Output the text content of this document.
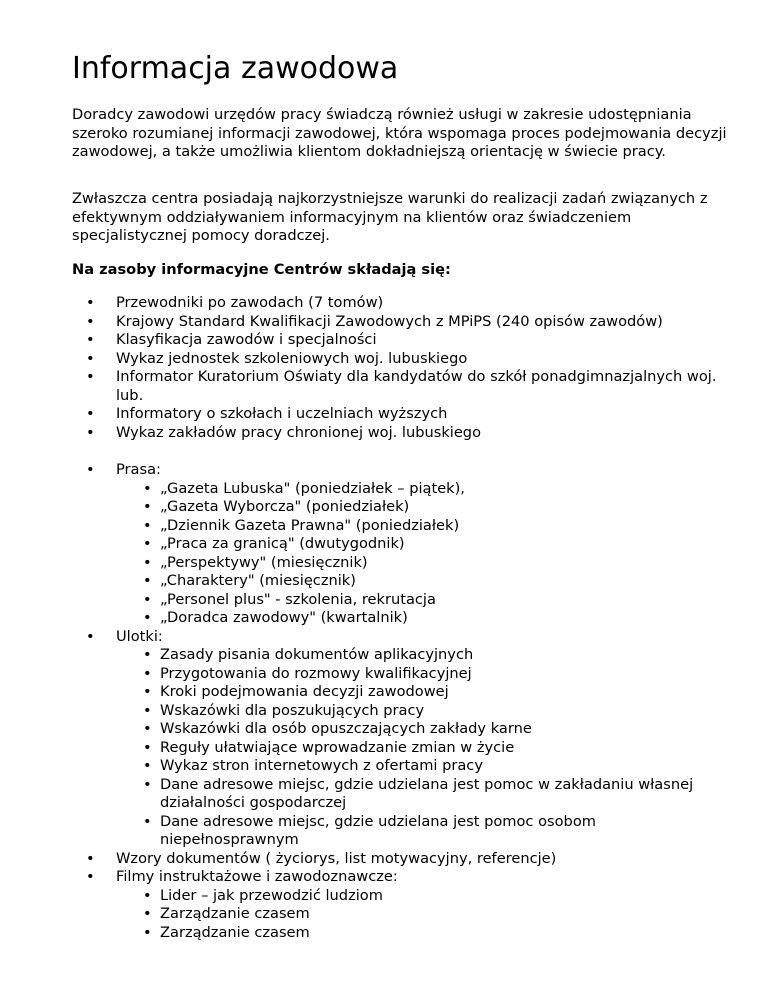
Informacja zawodowa

Doradcy zawodowi urzędów pracy świadczą również usługi w zakresie udostępniania szeroko rozumianej informacji zawodowej, która wspomaga proces podejmowania decyzji zawodowej, a także umożliwia klientom dokładniejszą orientację w świecie pracy.

Zwłaszcza centra posiadają najkorzystniejsze warunki do realizacji zadań związanych z efektywnym oddziaływaniem informacyjnym na klientów oraz świadczeniem specjalistycznej pomocy doradczej.

Na zasoby informacyjne Centrów składają się:

• Przewodniki po zawodach (7 tomów)
• Krajowy Standard Kwalifikacji Zawodowych z MPiPS (240 opisów zawodów)
• Klasyfikacja zawodów i specjalności
• Wykaz jednostek szkoleniowych woj. lubuskiego
• Informator Kuratorium Oświaty dla kandydatów do szkół ponadgimnazjalnych woj. lub.
• Informatory o szkołach i uczelniach wyższych
• Wykaz zakładów pracy chronionej woj. lubuskiego
• Prasa:
• „Gazeta Lubuska" (poniedziałek – piątek),
• „Gazeta Wyborcza" (poniedziałek)
• „Dziennik Gazeta Prawna" (poniedziałek)
• „Praca za granicą" (dwutygodnik)
• „Perspektywy" (miesięcznik)
• „Charaktery" (miesięcznik)
• „Personel plus" - szkolenia, rekrutacja
• „Doradca zawodowy" (kwartalnik)
• Ulotki:
• Zasady pisania dokumentów aplikacyjnych
• Przygotowania do rozmowy kwalifikacyjnej
• Kroki podejmowania decyzji zawodowej
• Wskazówki dla poszukujących pracy
• Wskazówki dla osób opuszczających zakłady karne
• Reguły ułatwiające wprowadzanie zmian w życie
• Wykaz stron internetowych z ofertami pracy
• Dane adresowe miejsc, gdzie udzielana jest pomoc w zakładaniu własnej działalności gospodarczej
• Dane adresowe miejsc, gdzie udzielana jest pomoc osobom niepełnosprawnym
• Wzory dokumentów ( życiorys, list motywacyjny, referencje)
• Filmy instruktażowe i zawodoznawcze:
• Lider – jak przewodzić ludziom
• Zarządzanie czasem
• Zarządzanie czasem
